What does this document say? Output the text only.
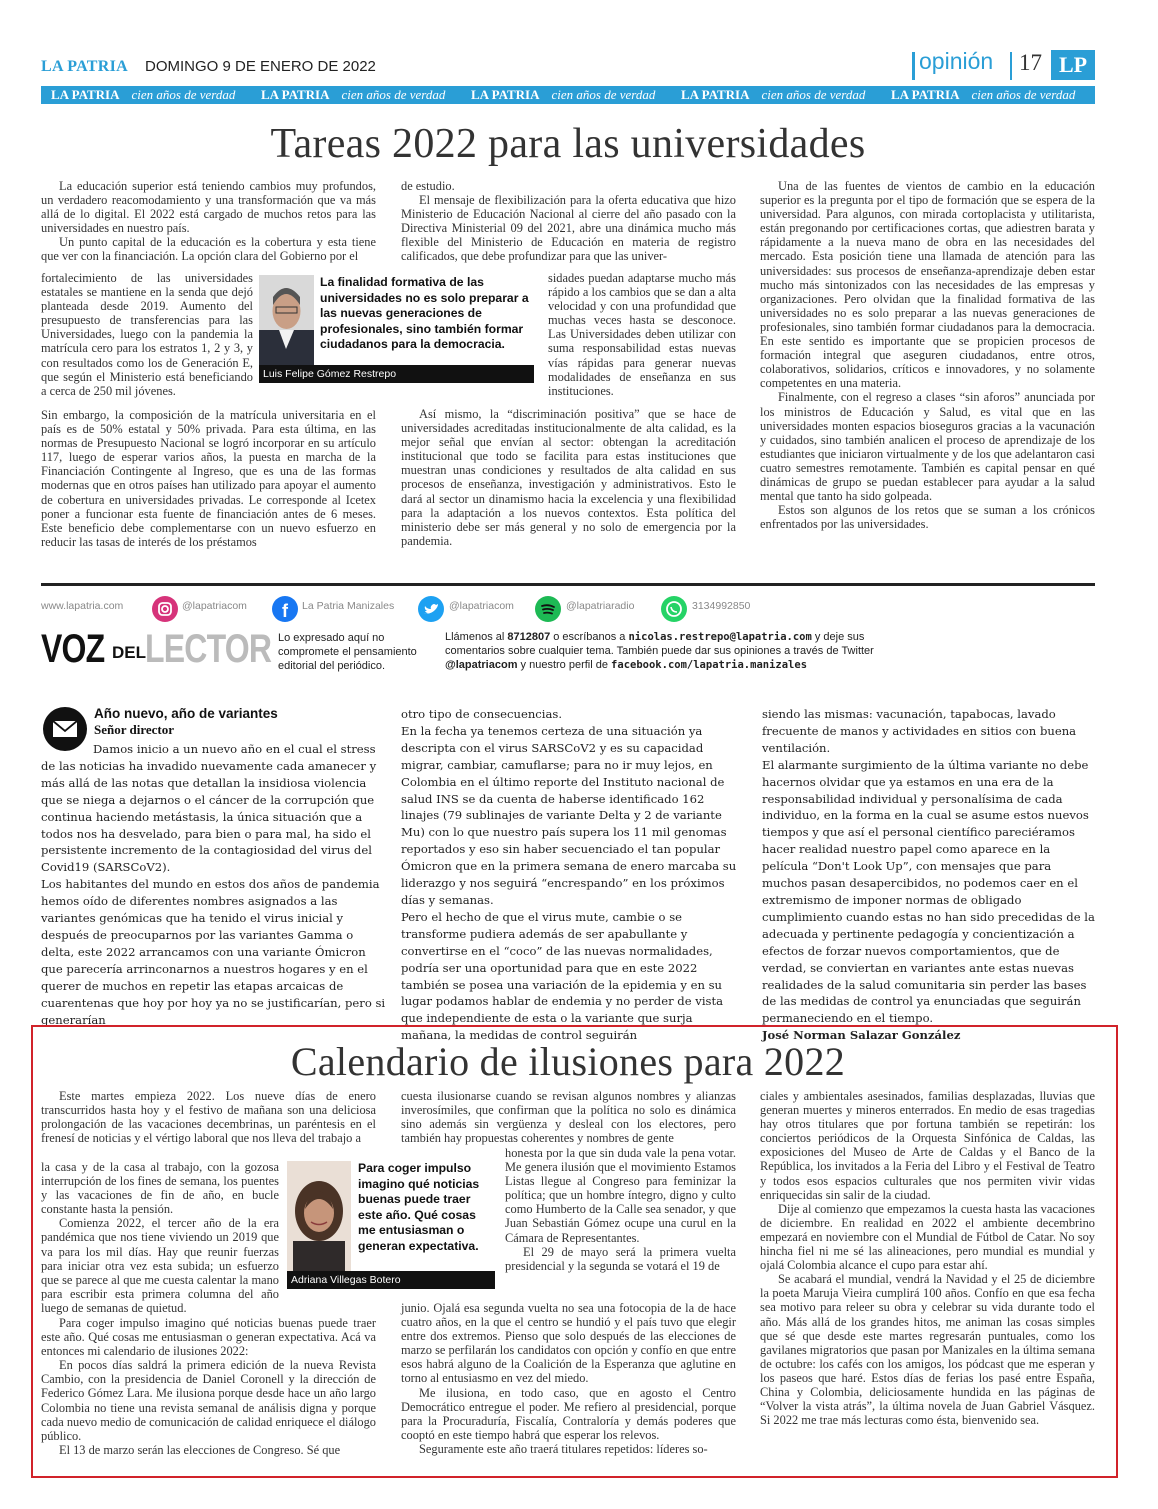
LA PATRIA DOMINGO 9 DE ENERO DE 2022	opinión 17 LP
LA PATRIA cien años de verdad LA PATRIA cien años de verdad LA PATRIA cien años de verdad LA PATRIA cien años de verdad LA PATRIA cien años de verdad
Tareas 2022 para las universidades

La educación superior está teniendo cambios muy profundos, un verdadero reacomodamiento y una transformación que va más allá de lo digital. El 2022 está cargado de muchos retos para las universidades en nuestro país.

Un punto capital de la educación es la cobertura y esta tiene que ver con la financiación. La opción clara del Gobierno por el

fortalecimiento de las universidades estatales se mantiene en la senda que dejó planteada desde 2019. Aumento del presupuesto de transferencias para las Universidades, luego con la pandemia la matrícula cero para los estratos 1, 2 y 3, y con resultados como los de Generación E, que según el Ministerio está beneficiando a cerca de 250 mil jóvenes.

Sin embargo, la composición de la matrícula universitaria en el país es de 50% estatal y 50% privada. Para esta última, en las normas de Presupuesto Nacional se logró incorporar en su artículo 117, luego de esperar varios años, la puesta en marcha de la Financiación Contingente al Ingreso, que es una de las formas modernas que en otros países han utilizado para apoyar el aumento de cobertura en universidades privadas. Le corresponde al Icetex poner a funcionar esta fuente de financiación antes de 6 meses. Este beneficio debe complementarse con un nuevo esfuerzo en reducir las tasas de interés de los préstamos

de estudio.

El mensaje de flexibilización para la oferta educativa que hizo Ministerio de Educación Nacional al cierre del año pasado con la Directiva Ministerial 09 del 2021, abre una dinámica mucho más flexible del Ministerio de Educación en materia de registro calificados, que debe profundizar para que las univer-

sidades puedan adaptarse mucho más rápido a los cambios que se dan a alta velocidad y con una profundidad que muchas veces hasta se desconoce. Las Universidades deben utilizar con suma responsabilidad estas nuevas vías rápidas para generar nuevas modalidades de enseñanza en sus instituciones.

Así mismo, la “discriminación positiva” que se hace de universidades acreditadas institucionalmente de alta calidad, es la mejor señal que envían al sector: obtengan la acreditación institucional que todo se facilita para estas instituciones que muestran unas condiciones y resultados de alta calidad en sus procesos de enseñanza, investigación y administrativos. Esto le dará al sector un dinamismo hacia la excelencia y una flexibilidad para la adaptación a los nuevos contextos. Esta política del ministerio debe ser más general y no solo de emergencia por la pandemia.

La finalidad formativa de las universidades no es solo preparar a las nuevas generaciones de profesionales, sino también formar ciudadanos para la democracia.
Luis Felipe Gómez Restrepo

Una de las fuentes de vientos de cambio en la educación superior es la pregunta por el tipo de formación que se espera de la universidad. Para algunos, con mirada cortoplacista y utilitarista, están pregonando por certificaciones cortas, que adiestren barata y rápidamente a la nueva mano de obra en las necesidades del mercado. Esta posición tiene una llamada de atención para las universidades: sus procesos de enseñanza-aprendizaje deben estar mucho más sintonizados con las necesidades de las empresas y organizaciones. Pero olvidan que la finalidad formativa de las universidades no es solo preparar a las nuevas generaciones de profesionales, sino también formar ciudadanos para la democracia. En este sentido es importante que se propicien procesos de formación integral que aseguren ciudadanos, entre otros, colaborativos, solidarios, críticos e innovadores, y no solamente competentes en una materia.

Finalmente, con el regreso a clases “sin aforos” anunciada por los ministros de Educación y Salud, es vital que en las universidades monten espacios bioseguros gracias a la vacunación y cuidados, sino también analicen el proceso de aprendizaje de los estudiantes que iniciaron virtualmente y de los que adelantaron casi cuatro semestres remotamente. También es capital pensar en qué dinámicas de grupo se puedan establecer para ayudar a la salud mental que tanto ha sido golpeada.

Estos son algunos de los retos que se suman a los crónicos enfrentados por las universidades.

www.lapatria.com	@lapatriacom f La Patria Manizales	@lapatriacom	@lapatriaradio	3134992850
VOZ DEL LECTOR Lo expresado aquí no compromete el pensamiento editorial del periódico.
Llámenos al 8712807 o escríbanos a nicolas.restrepo@lapatria.com y deje sus comentarios sobre cualquier tema. También puede dar sus opiniones a través de Twitter @lapatriacom y nuestro perfil de facebook.com/lapatria.manizales
Año nuevo, año de variantes
Señor director

Damos inicio a un nuevo año en el cual el stress de las noticias ha invadido nuevamente cada amanecer y más allá de las notas que detallan la insidiosa violencia que se niega a dejarnos o el cáncer de la corrupción que continua haciendo metástasis, la única situación que a todos nos ha desvelado, para bien o para mal, ha sido el persistente incremento de la contagiosidad del virus del Covid19 (SARSCoV2).

Los habitantes del mundo en estos dos años de pandemia hemos oído de diferentes nombres asignados a las variantes genómicas que ha tenido el virus inicial y después de preocuparnos por las variantes Gamma o delta, este 2022 arrancamos con una variante Ómicron que parecería arrinconarnos a nuestros hogares y en el querer de muchos en repetir las etapas arcaicas de cuarentenas que hoy por hoy ya no se justificarían, pero si generarían

otro tipo de consecuencias.

En la fecha ya tenemos certeza de una situación ya descripta con el virus SARSCoV2 y es su capacidad migrar, cambiar, camuflarse; para no ir muy lejos, en Colombia en el último reporte del Instituto nacional de salud INS se da cuenta de haberse identificado 162 linajes (79 sublinajes de variante Delta y 2 de variante Mu) con lo que nuestro país supera los 11 mil genomas reportados y eso sin haber secuenciado el tan popular Ómicron que en la primera semana de enero marcaba su liderazgo y nos seguirá “encrespando” en los próximos días y semanas.

Pero el hecho de que el virus mute, cambie o se transforme pudiera además de ser apabullante y convertirse en el “coco” de las nuevas normalidades, podría ser una oportunidad para que en este 2022 también se posea una variación de la epidemia y en su lugar podamos hablar de endemia y no perder de vista que independiente de esta o la variante que surja mañana, la medidas de control seguirán

siendo las mismas: vacunación, tapabocas, lavado frecuente de manos y actividades en sitios con buena ventilación.

El alarmante surgimiento de la última variante no debe hacernos olvidar que ya estamos en una era de la responsabilidad individual y personalísima de cada individuo, en la forma en la cual se asume estos nuevos tiempos y que así el personal científico pareciéramos hacer realidad nuestro papel como aparece en la película “Don't Look Up”, con mensajes que para muchos pasan desapercibidos, no podemos caer en el extremismo de imponer normas de obligado cumplimiento cuando estas no han sido precedidas de la adecuada y pertinente pedagogía y concientización a efectos de forzar nuevos comportamientos, que de verdad, se conviertan en variantes ante estas nuevas realidades de la salud comunitaria sin perder las bases de las medidas de control ya enunciadas que seguirán permaneciendo en el tiempo.

José Norman Salazar González

Calendario de ilusiones para 2022

Este martes empieza 2022. Los nueve días de enero transcurridos hasta hoy y el festivo de mañana son una deliciosa prolongación de las vacaciones decembrinas, un paréntesis en el frenesí de noticias y el vértigo laboral que nos lleva del trabajo a

la casa y de la casa al trabajo, con la gozosa interrupción de los fines de semana, los puentes y las vacaciones de fin de año, en bucle constante hasta la pensión.

Comienza 2022, el tercer año de la era pandémica que nos tiene viviendo un 2019 que va para los mil días. Hay que reunir fuerzas para iniciar otra vez esta subida; un esfuerzo que se parece al que me cuesta calentar la mano para escribir esta primera columna del año luego de semanas de quietud.

Para coger impulso imagino qué noticias buenas puede traer este año. Qué cosas me entusiasman o generan expectativa. Acá va entonces mi calendario de ilusiones 2022:

En pocos días saldrá la primera edición de la nueva Revista Cambio, con la presidencia de Daniel Coronell y la dirección de Federico Gómez Lara. Me ilusiona porque desde hace un año largo Colombia no tiene una revista semanal de análisis digna y porque cada nuevo medio de comunicación de calidad enriquece el diálogo público.

El 13 de marzo serán las elecciones de Congreso. Sé que

Para coger impulso imagino qué noticias buenas puede traer este año. Qué cosas me entusiasman o generan expectativa.
Adriana Villegas Botero

cuesta ilusionarse cuando se revisan algunos nombres y alianzas inverosímiles, que confirman que la política no solo es dinámica sino además sin vergüenza y desleal con los electores, pero también hay propuestas coherentes y nombres de gente

honesta por la que sin duda vale la pena votar. Me genera ilusión que el movimiento Estamos Listas llegue al Congreso para feminizar la política; que un hombre íntegro, digno y culto como Humberto de la Calle sea senador, y que Juan Sebastián Gómez ocupe una curul en la Cámara de Representantes.

El 29 de mayo será la primera vuelta presidencial y la segunda se votará el 19 de

junio. Ojalá esa segunda vuelta no sea una fotocopia de la de hace cuatro años, en la que el centro se hundió y el país tuvo que elegir entre dos extremos. Pienso que solo después de las elecciones de marzo se perfilarán los candidatos con opción y confío en que entre esos habrá alguno de la Coalición de la Esperanza que aglutine en torno al entusiasmo en vez del miedo.

Me ilusiona, en todo caso, que en agosto el Centro Democrático entregue el poder. Me refiero al presidencial, porque para la Procuraduría, Fiscalía, Contraloría y demás poderes que cooptó en este tiempo habrá que esperar los relevos.

Seguramente este año traerá titulares repetidos: líderes so-

ciales y ambientales asesinados, familias desplazadas, lluvias que generan muertes y mineros enterrados. En medio de esas tragedias hay otros titulares que por fortuna también se repetirán: los conciertos periódicos de la Orquesta Sinfónica de Caldas, las exposiciones del Museo de Arte de Caldas y el Banco de la República, los invitados a la Feria del Libro y el Festival de Teatro y todos esos espacios culturales que nos permiten vivir vidas enriquecidas sin salir de la ciudad.

Dije al comienzo que empezamos la cuesta hasta las vacaciones de diciembre. En realidad en 2022 el ambiente decembrino empezará en noviembre con el Mundial de Fútbol de Catar. No soy hincha fiel ni me sé las alineaciones, pero mundial es mundial y ojalá Colombia alcance el cupo para estar ahí.

Se acabará el mundial, vendrá la Navidad y el 25 de diciembre la poeta Maruja Vieira cumplirá 100 años. Confío en que esa fecha sea motivo para releer su obra y celebrar su vida durante todo el año. Más allá de los grandes hitos, me animan las cosas simples que sé que desde este martes regresarán puntuales, como los gavilanes migratorios que pasan por Manizales en la última semana de octubre: los cafés con los amigos, los pódcast que me esperan y los paseos que haré. Estos días de ferias los pasé entre España, China y Colombia, deliciosamente hundida en las páginas de “Volver la vista atrás”, la última novela de Juan Gabriel Vásquez. Si 2022 me trae más lecturas como ésta, bienvenido sea.
